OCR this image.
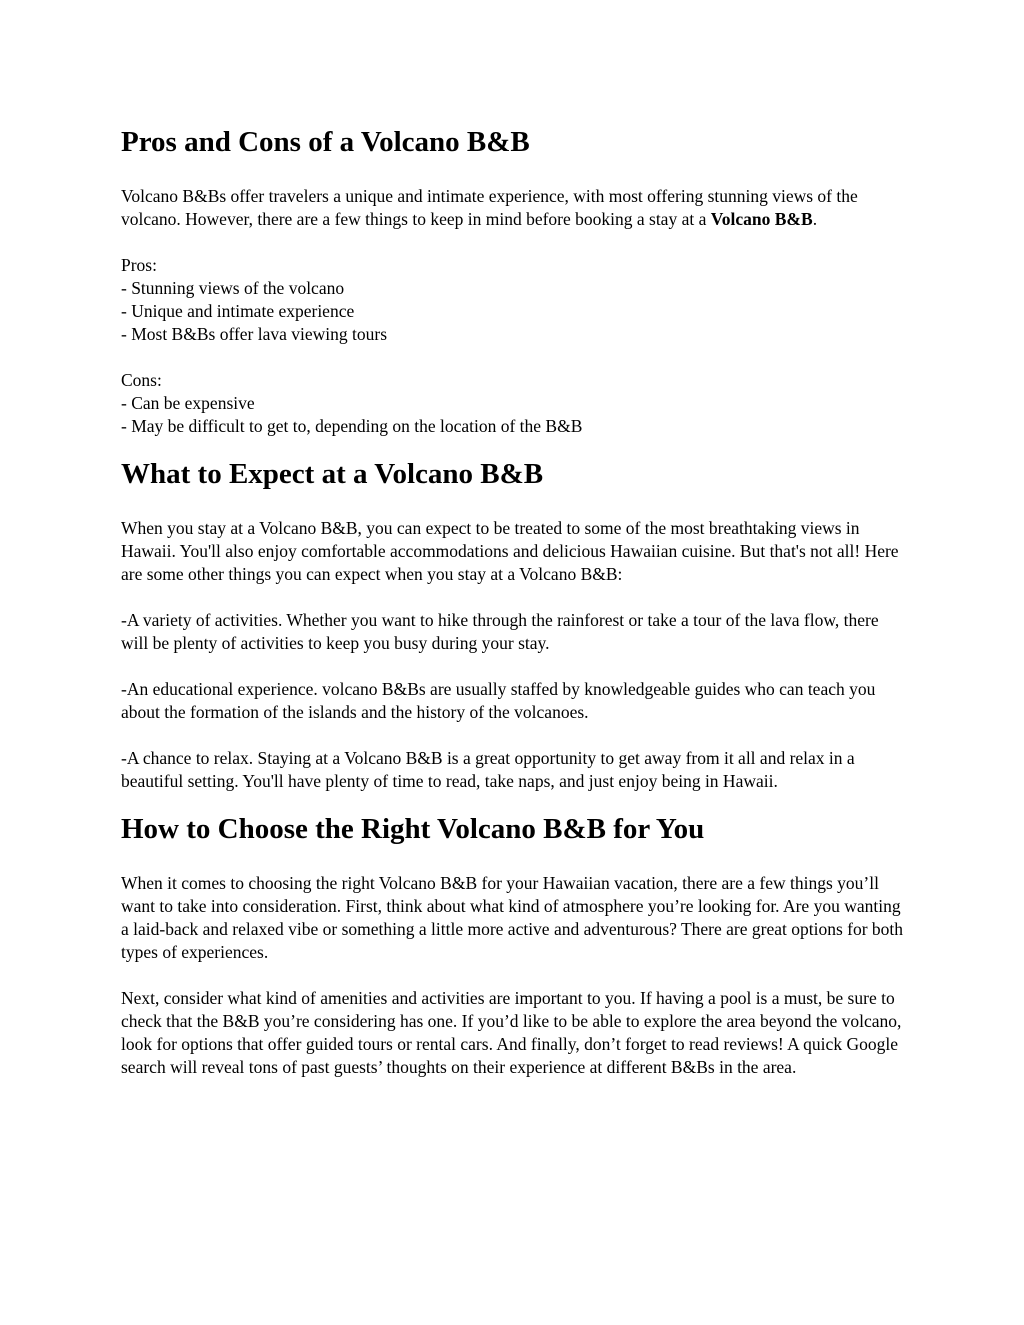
Pros and Cons of a Volcano B&B

Volcano B&Bs offer travelers a unique and intimate experience, with most offering stunning views of the volcano. However, there are a few things to keep in mind before booking a stay at a Volcano B&B.

Pros:
- Stunning views of the volcano
- Unique and intimate experience
- Most B&Bs offer lava viewing tours

Cons:
- Can be expensive
- May be difficult to get to, depending on the location of the B&B

What to Expect at a Volcano B&B

When you stay at a Volcano B&B, you can expect to be treated to some of the most breathtaking views in Hawaii. You'll also enjoy comfortable accommodations and delicious Hawaiian cuisine. But that's not all! Here are some other things you can expect when you stay at a Volcano B&B:

-A variety of activities. Whether you want to hike through the rainforest or take a tour of the lava flow, there will be plenty of activities to keep you busy during your stay.

-An educational experience. volcano B&Bs are usually staffed by knowledgeable guides who can teach you about the formation of the islands and the history of the volcanoes.

-A chance to relax. Staying at a Volcano B&B is a great opportunity to get away from it all and relax in a beautiful setting. You'll have plenty of time to read, take naps, and just enjoy being in Hawaii.

How to Choose the Right Volcano B&B for You

When it comes to choosing the right Volcano B&B for your Hawaiian vacation, there are a few things you’ll want to take into consideration. First, think about what kind of atmosphere you’re looking for. Are you wanting a laid-back and relaxed vibe or something a little more active and adventurous? There are great options for both types of experiences.

Next, consider what kind of amenities and activities are important to you. If having a pool is a must, be sure to check that the B&B you’re considering has one. If you’d like to be able to explore the area beyond the volcano, look for options that offer guided tours or rental cars. And finally, don’t forget to read reviews! A quick Google search will reveal tons of past guests’ thoughts on their experience at different B&Bs in the area.
